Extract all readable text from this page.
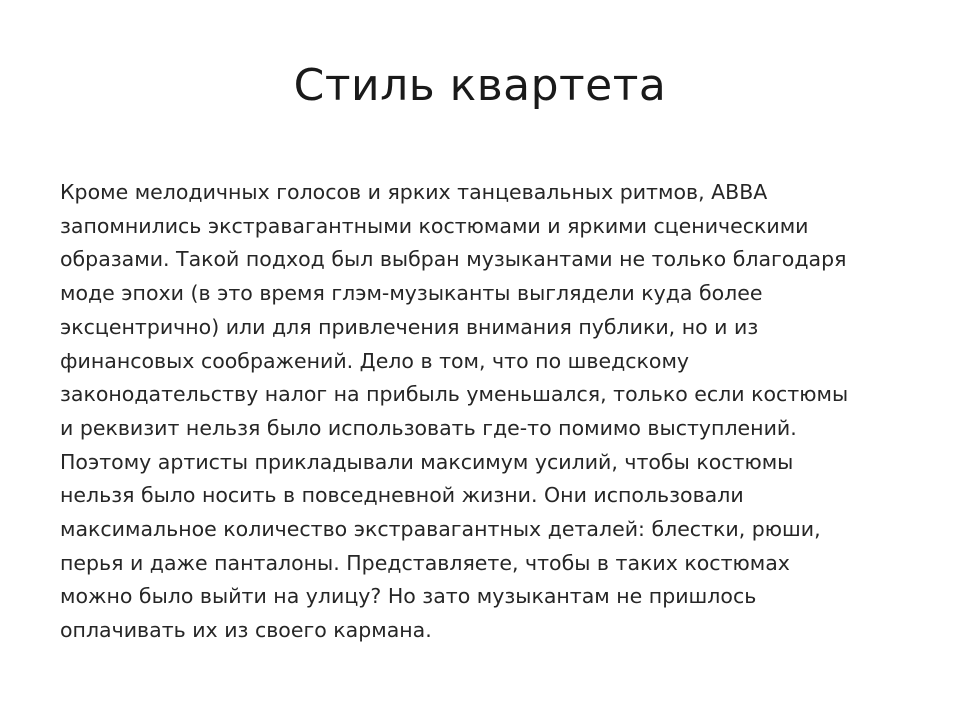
Стиль квартета
Кроме мелодичных голосов и ярких танцевальных ритмов, ABBA
запомнились экстравагантными костюмами и яркими сценическими
образами. Такой подход был выбран музыкантами не только благодаря
моде эпохи (в это время глэм-музыканты выглядели куда более
эксцентрично) или для привлечения внимания публики, но и из
финансовых соображений. Дело в том, что по шведскому
законодательству налог на прибыль уменьшался, только если костюмы
и реквизит нельзя было использовать где-то помимо выступлений.
Поэтому артисты прикладывали максимум усилий, чтобы костюмы
нельзя было носить в повседневной жизни. Они использовали
максимальное количество экстравагантных деталей: блестки, рюши,
перья и даже панталоны. Представляете, чтобы в таких костюмах
можно было выйти на улицу? Но зато музыкантам не пришлось
оплачивать их из своего кармана.
